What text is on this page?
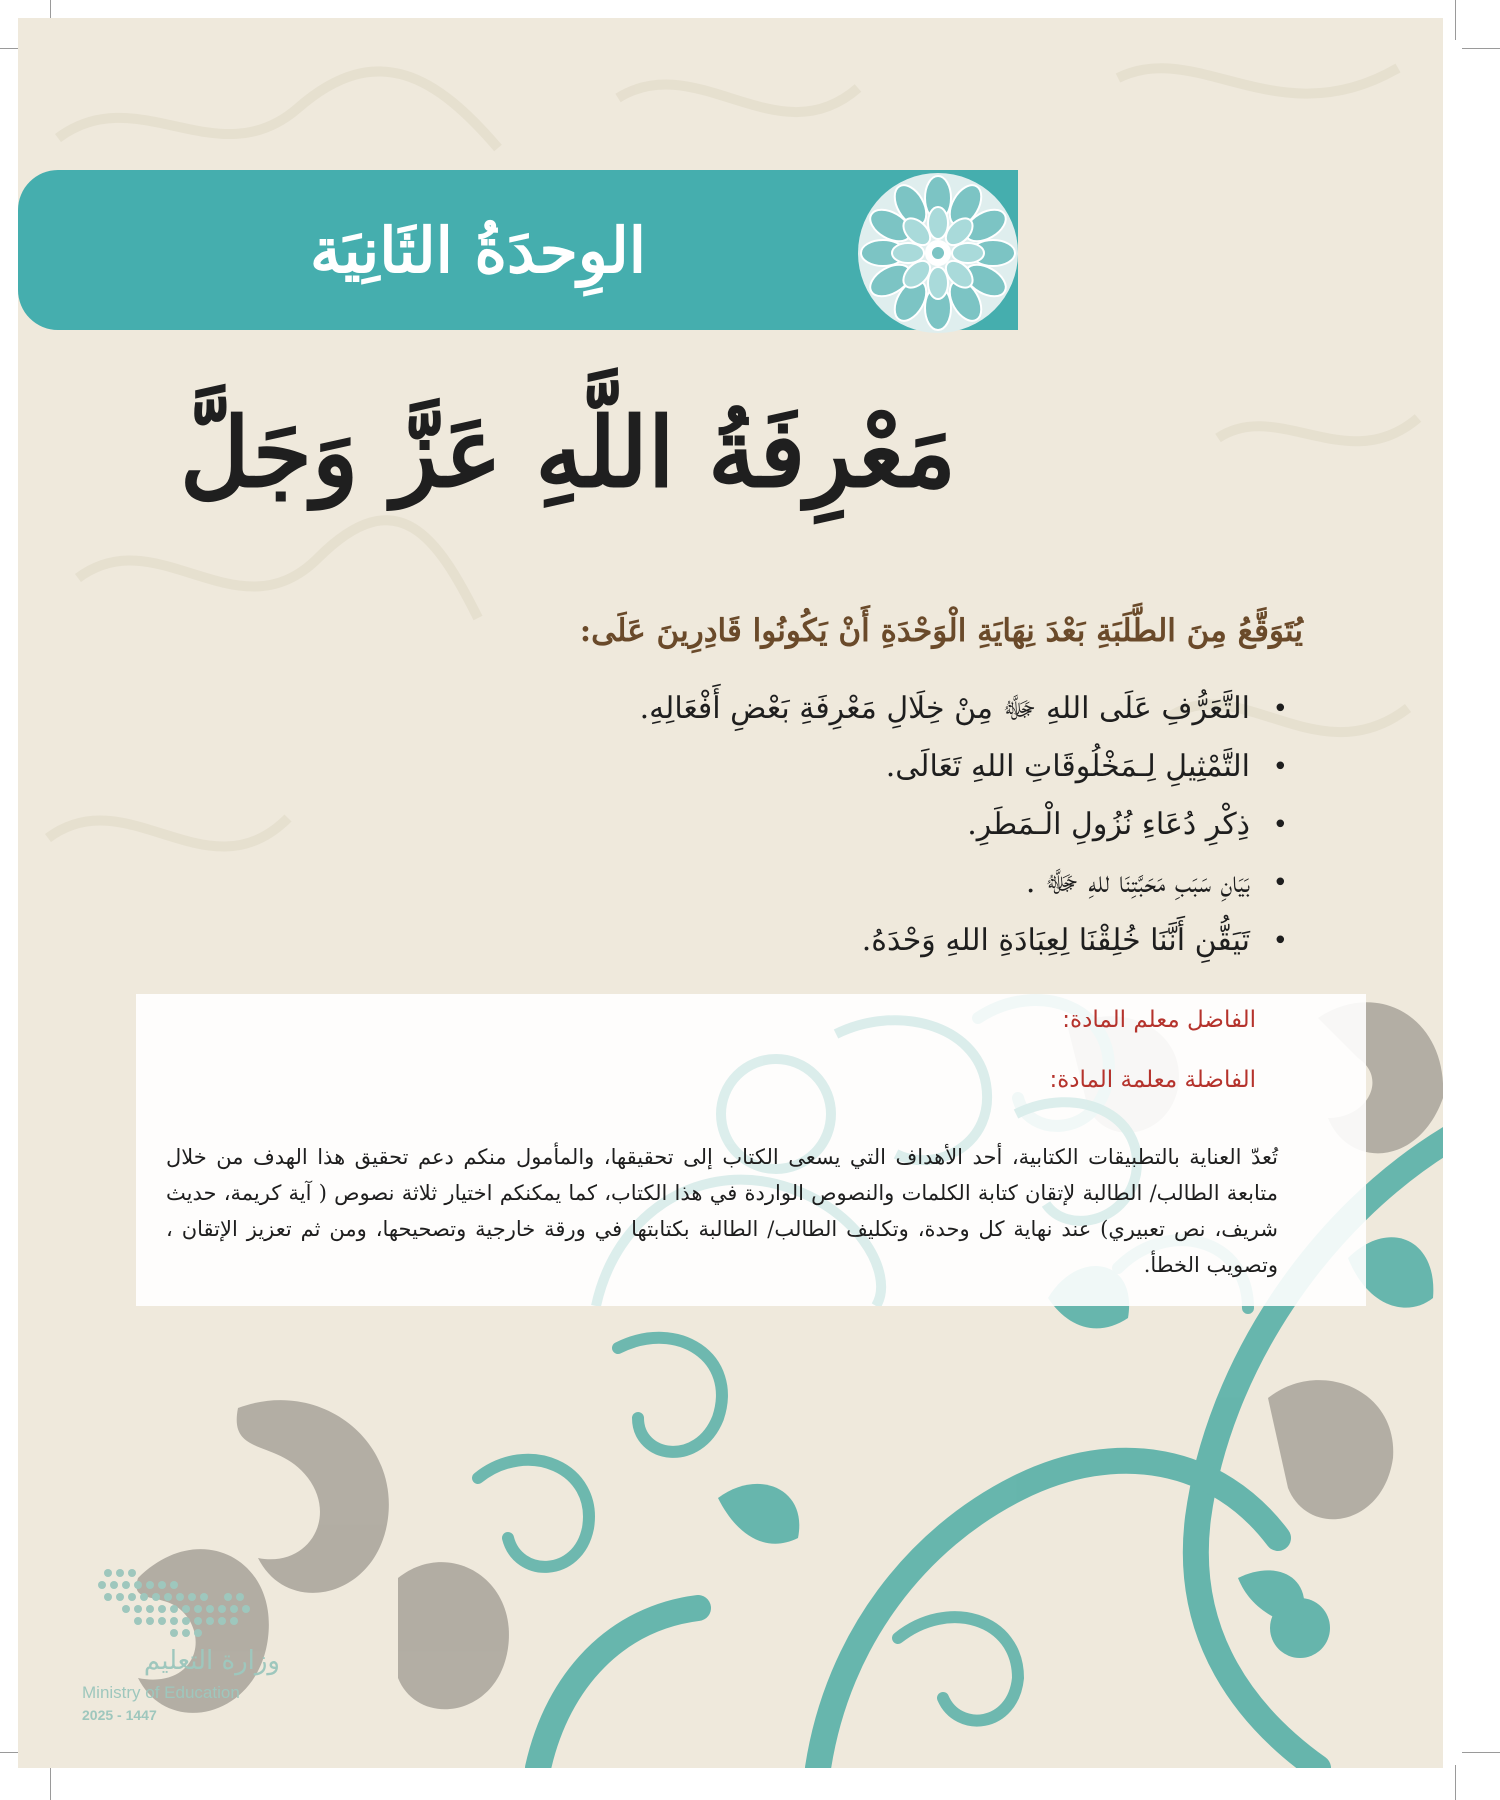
الوِحدَةُ الثَانِيَة
مَعْرِفَةُ اللَّهِ عَزَّ وَجَلَّ
يُتَوَقَّعُ مِنَ الطَّلَبَةِ بَعْدَ نِهَايَةِ الْوَحْدَةِ أَنْ يَكُونُوا قَادِرِينَ عَلَى:
•
التَّعَرُّفِ عَلَى اللهِ ﷻ مِنْ خِلَالِ مَعْرِفَةِ بَعْضِ أَفْعَالِهِ.
•
التَّمْثِيلِ لِـمَخْلُوقَاتِ اللهِ تَعَالَى.
•
ذِكْرِ دُعَاءِ نُزُولِ الْـمَطَرِ.
•
بَيَانِ سَبَبِ مَحَبَّتِنَا للهِ ﷻ .
•
تَيَقُّنِ أَنَّنَا خُلِقْنَا لِعِبَادَةِ اللهِ وَحْدَهُ.
الفاضل معلم المادة:
الفاضلة معلمة المادة:
تُعدّ العناية بالتطبيقات الكتابية، أحد الأهداف التي يسعى الكتاب إلى تحقيقها، والمأمول منكم دعم تحقيق هذا الهدف من خلال متابعة الطالب/ الطالبة لإتقان كتابة الكلمات والنصوص الواردة في هذا الكتاب، كما يمكنكم اختيار ثلاثة نصوص ( آية كريمة، حديث شريف، نص تعبيري) عند نهاية كل وحدة، وتكليف الطالب/ الطالبة بكتابتها في ورقة خارجية وتصحيحها، ومن ثم تعزيز الإتقان ، وتصويب الخطأ.
وزارة التعليم
Ministry of Education
2025 - 1447
